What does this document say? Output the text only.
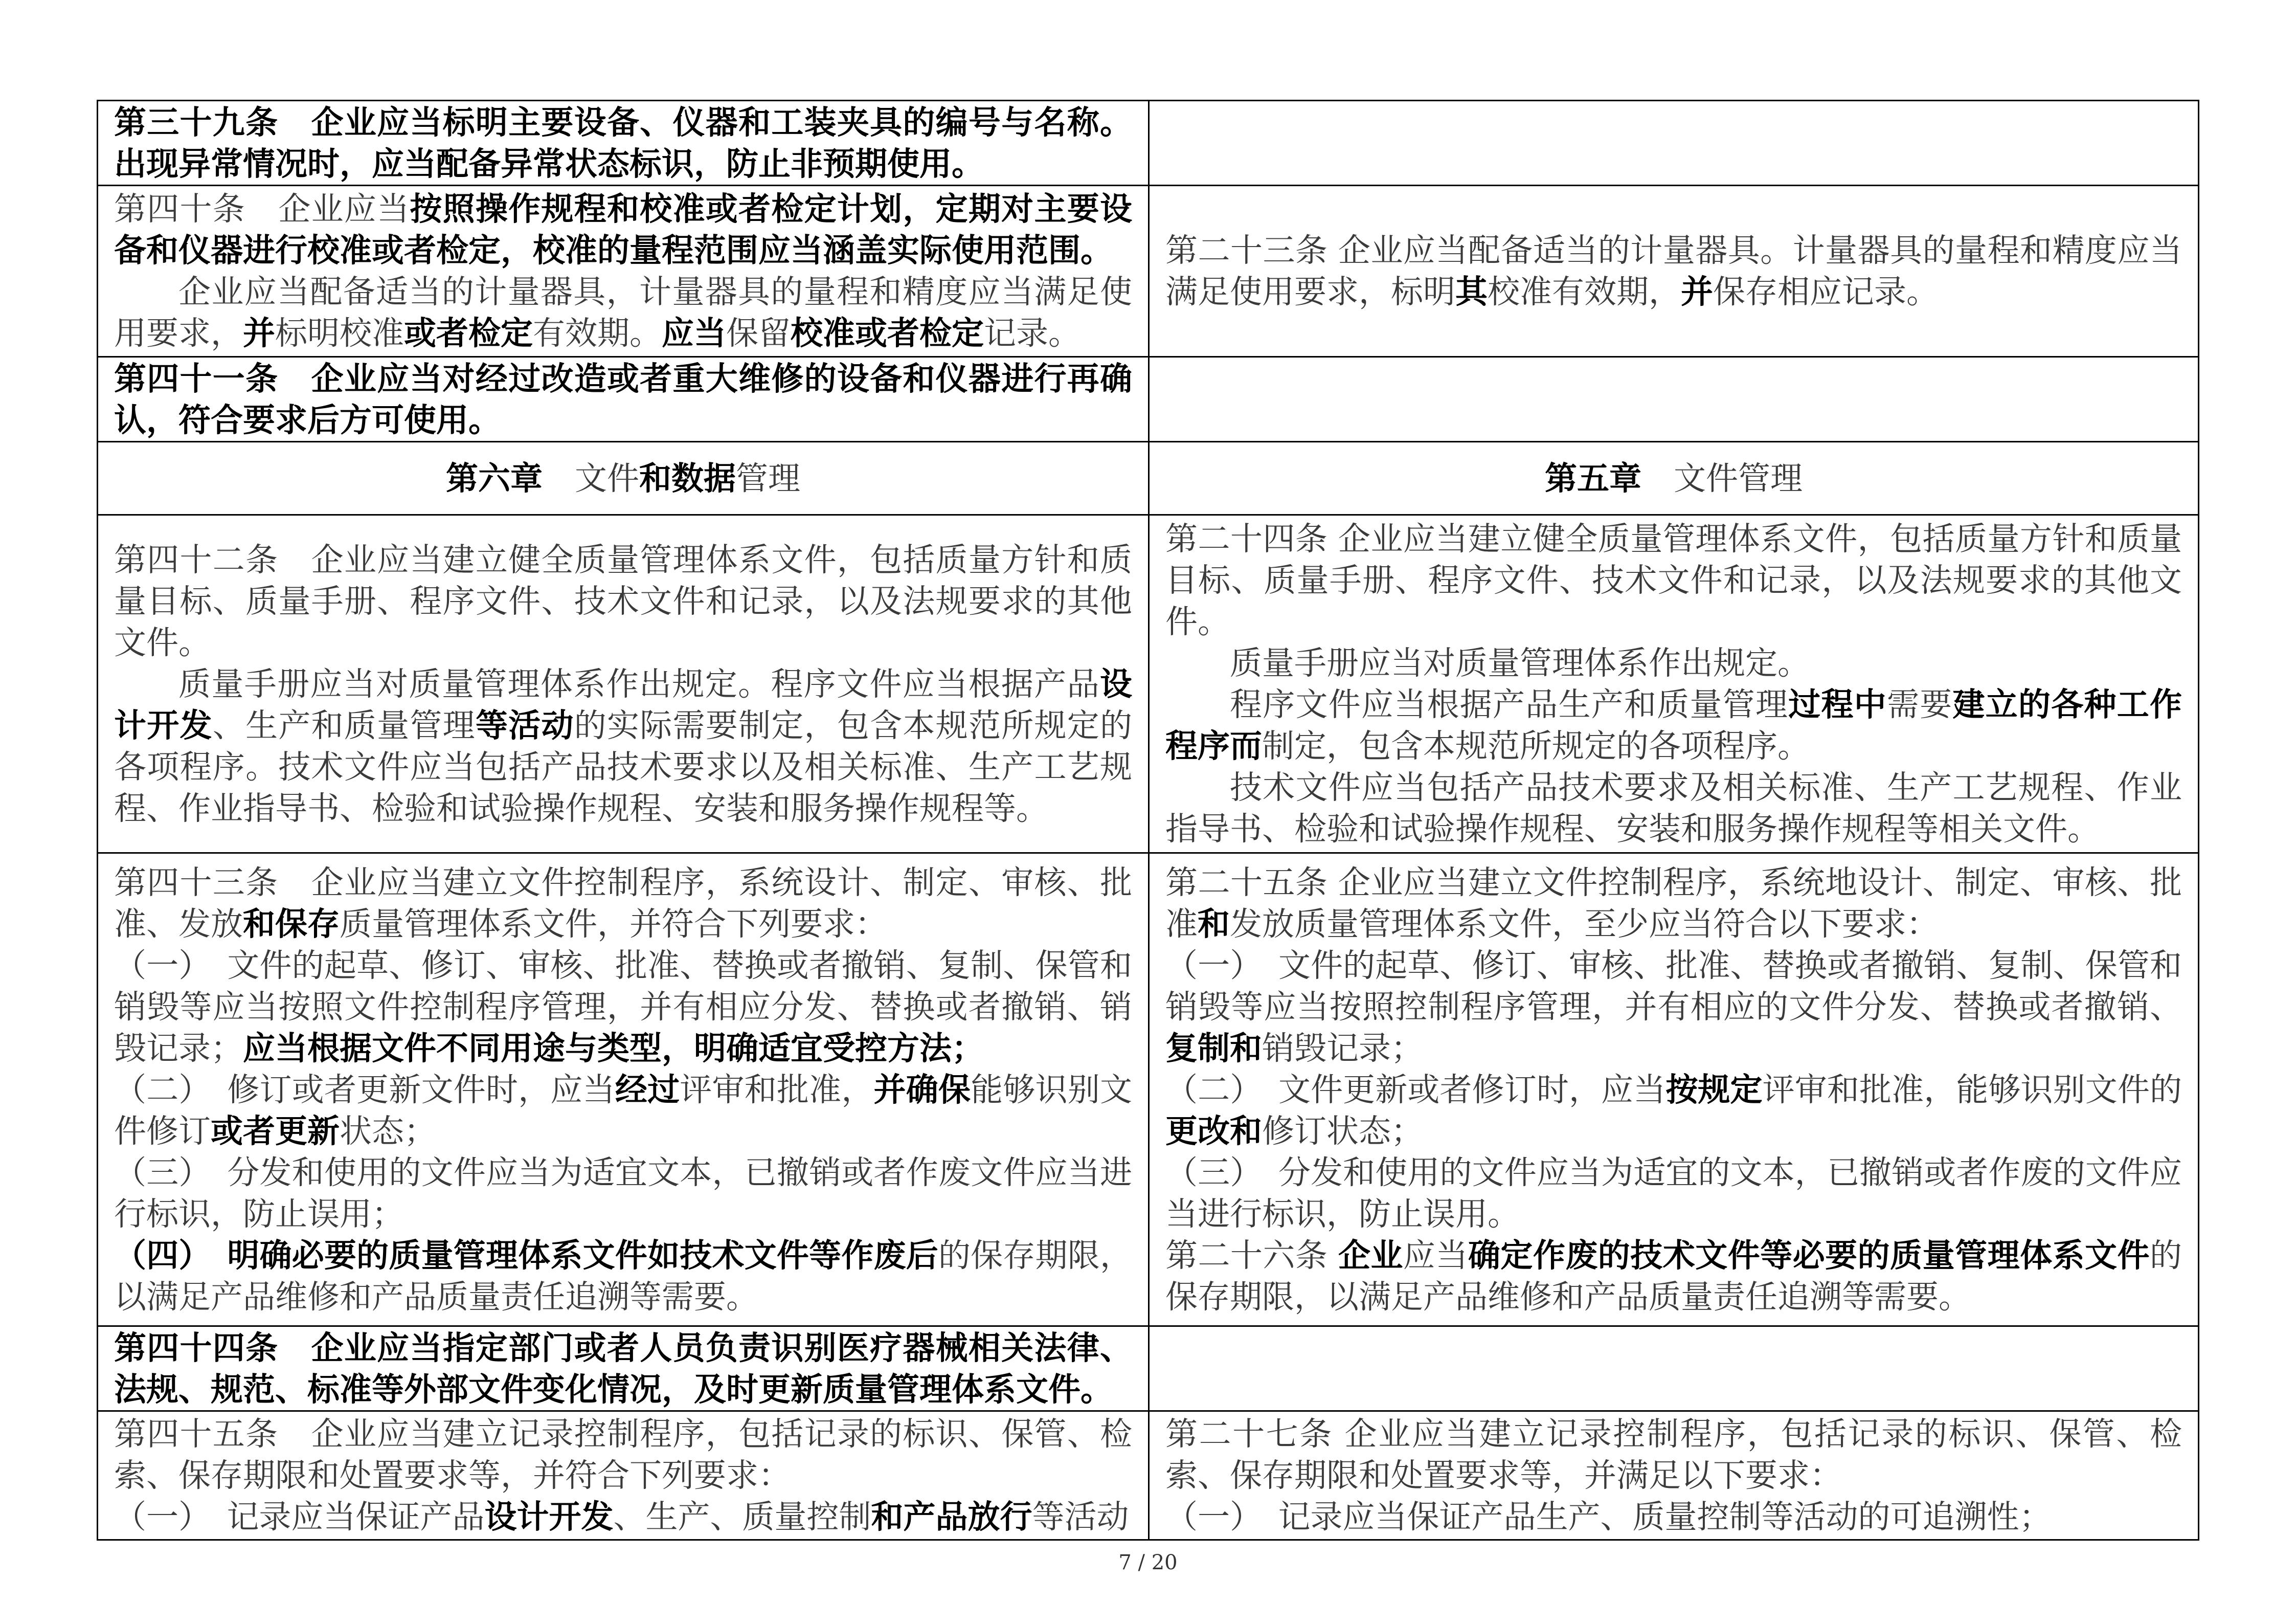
第三十九条　企业应当标明主要设备、仪器和工装夹具的编号与名称。出现异常情况时，应当配备异常状态标识，防止非预期使用。
第四十条　企业应当按照操作规程和校准或者检定计划，定期对主要设备和仪器进行校准或者检定，校准的量程范围应当涵盖实际使用范围。
企业应当配备适当的计量器具，计量器具的量程和精度应当满足使用要求，并标明校准或者检定有效期。应当保留校准或者检定记录。
第二十三条 企业应当配备适当的计量器具。计量器具的量程和精度应当满足使用要求，标明其校准有效期，并保存相应记录。
第四十一条　企业应当对经过改造或者重大维修的设备和仪器进行再确认，符合要求后方可使用。
第六章　文件和数据管理	第五章　文件管理
第四十二条　企业应当建立健全质量管理体系文件，包括质量方针和质量目标、质量手册、程序文件、技术文件和记录，以及法规要求的其他文件。
质量手册应当对质量管理体系作出规定。程序文件应当根据产品设计开发、生产和质量管理等活动的实际需要制定，包含本规范所规定的各项程序。技术文件应当包括产品技术要求以及相关标准、生产工艺规程、作业指导书、检验和试验操作规程、安装和服务操作规程等。
第二十四条 企业应当建立健全质量管理体系文件，包括质量方针和质量目标、质量手册、程序文件、技术文件和记录，以及法规要求的其他文件。
质量手册应当对质量管理体系作出规定。
程序文件应当根据产品生产和质量管理过程中需要建立的各种工作程序而制定，包含本规范所规定的各项程序。
技术文件应当包括产品技术要求及相关标准、生产工艺规程、作业指导书、检验和试验操作规程、安装和服务操作规程等相关文件。
第四十三条　企业应当建立文件控制程序，系统设计、制定、审核、批准、发放和保存质量管理体系文件，并符合下列要求：
（一）　文件的起草、修订、审核、批准、替换或者撤销、复制、保管和销毁等应当按照文件控制程序管理，并有相应分发、替换或者撤销、销毁记录；应当根据文件不同用途与类型，明确适宜受控方法；
（二）　修订或者更新文件时，应当经过评审和批准，并确保能够识别文件修订或者更新状态；
（三）　分发和使用的文件应当为适宜文本，已撤销或者作废文件应当进行标识，防止误用；
（四）　明确必要的质量管理体系文件如技术文件等作废后的保存期限，以满足产品维修和产品质量责任追溯等需要。
第二十五条 企业应当建立文件控制程序，系统地设计、制定、审核、批准和发放质量管理体系文件，至少应当符合以下要求：
（一）　文件的起草、修订、审核、批准、替换或者撤销、复制、保管和销毁等应当按照控制程序管理，并有相应的文件分发、替换或者撤销、复制和销毁记录；
（二）　文件更新或者修订时，应当按规定评审和批准，能够识别文件的更改和修订状态；
（三）　分发和使用的文件应当为适宜的文本，已撤销或者作废的文件应当进行标识，防止误用。
第二十六条 企业应当确定作废的技术文件等必要的质量管理体系文件的保存期限，以满足产品维修和产品质量责任追溯等需要。
第四十四条　企业应当指定部门或者人员负责识别医疗器械相关法律、法规、规范、标准等外部文件变化情况，及时更新质量管理体系文件。
第四十五条　企业应当建立记录控制程序，包括记录的标识、保管、检索、保存期限和处置要求等，并符合下列要求：
（一）　记录应当保证产品设计开发、生产、质量控制和产品放行等活动
第二十七条 企业应当建立记录控制程序，包括记录的标识、保管、检索、保存期限和处置要求等，并满足以下要求：
（一）　记录应当保证产品生产、质量控制等活动的可追溯性；
7 / 20
